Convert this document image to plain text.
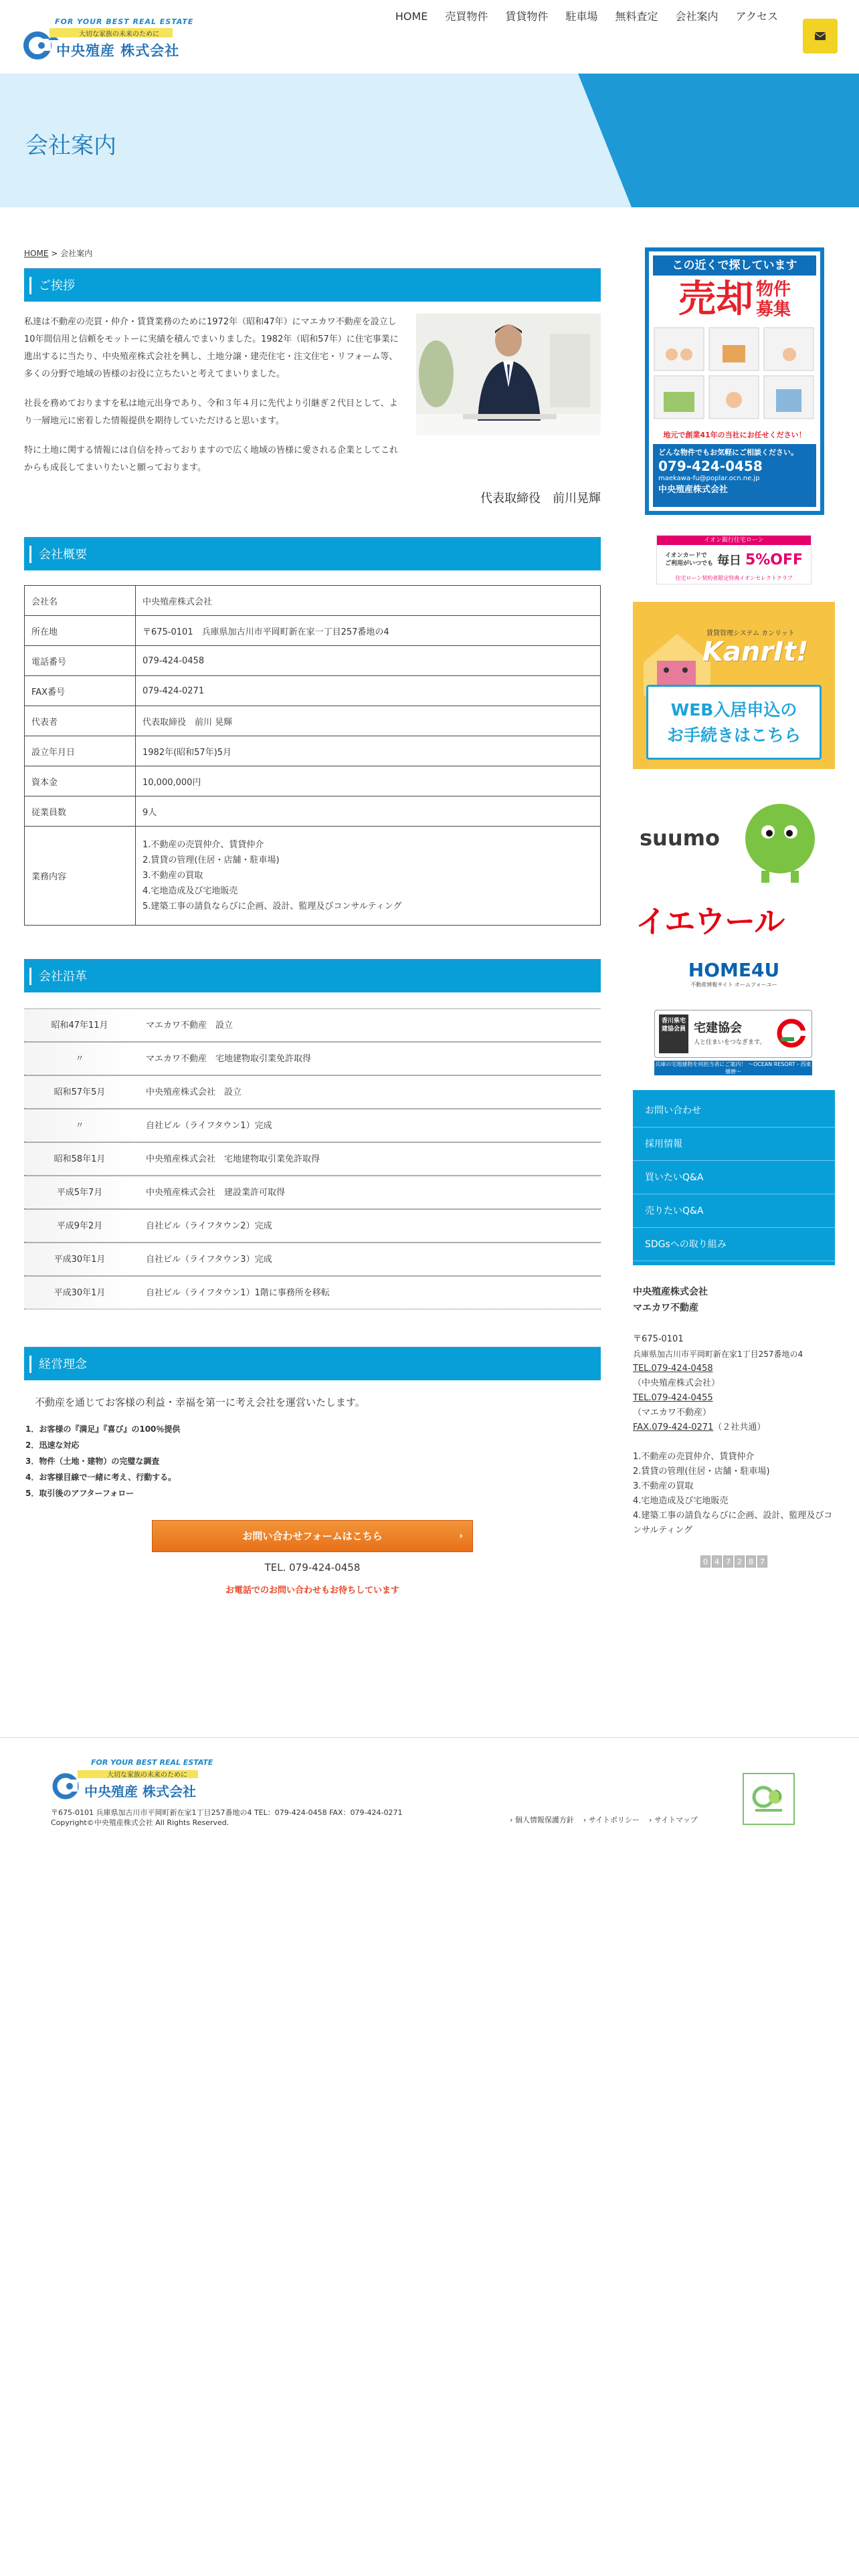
FOR YOUR BEST REAL ESTATE
大切な家族の未来のために
中央殖産 株式会社
HOME	売買物件	賃貸物件	駐車場	無料査定	会社案内	アクセス
会社案内
HOME > 会社案内
ご挨拶

私達は不動産の売買・仲介・賃貸業務のために1972年（昭和47年）にマエカワ不動産を設立し10年間信用と信頼をモットーに実績を積んでまいりました。1982年（昭和57年）に住宅事業に進出するに当たり、中央殖産株式会社を興し、土地分譲・建売住宅・注文住宅・リフォーム等、多くの分野で地域の皆様のお役に立ちたいと考えてまいりました。

社長を務めておりますを私は地元出身であり、令和３年４月に先代より引継ぎ２代目として、より一層地元に密着した情報提供を期待していただけると思います。

特に土地に関する情報には自信を持っておりますので広く地域の皆様に愛される企業としてこれからも成長してまいりたいと願っております。

代表取締役　前川晃輝
会社概要
会社名	中央殖産株式会社
所在地	〒675-0101　兵庫県加古川市平岡町新在家一丁目257番地の4
電話番号	079-424-0458
FAX番号	079-424-0271
代表者	代表取締役　前川 晃輝
設立年月日	1982年(昭和57年)5月
資本金	10,000,000円
従業員数	9人
業務内容	1.不動産の売買仲介、賃貸仲介
2.賃貸の管理(住居・店舗・駐車場)
3.不動産の買取
4.宅地造成及び宅地販売
5.建築工事の請負ならびに企画、設計、監理及びコンサルティング
会社沿革
昭和47年11月	マエカワ不動産　設立
〃	マエカワ不動産　宅地建物取引業免許取得
昭和57年5月	中央殖産株式会社　設立
〃	自社ビル（ライフタウン1）完成
昭和58年1月	中央殖産株式会社　宅地建物取引業免許取得
平成5年7月	中央殖産株式会社　建設業許可取得
平成9年2月	自社ビル（ライフタウン2）完成
平成30年1月	自社ビル（ライフタウン3）完成
平成30年1月	自社ビル（ライフタウン1）1階に事務所を移転
経営理念
不動産を通じてお客様の利益・幸福を第一に考え会社を運営いたします。
1．お客様の『満足』『喜び』の100％提供
2．迅速な対応
3．物件（土地・建物）の完璧な調査
4．お客様目線で一緒に考え、行動する。
5．取引後のアフターフォロー
お問い合わせフォームはこちら	›
TEL. 079-424-0458
お電話でのお問い合わせもお待ちしています
この近くで探しています
売却 物件
募集
地元で創業41年の当社にお任せください！
どんな物件でもお気軽にご相談ください。
079-424-0458
maekawa-fu@poplar.ocn.ne.jp
中央殖産株式会社
イオン銀行住宅ローン
イオンカードで
ご利用がいつでも 毎日 5%OFF
住宅ローン契約者限定特典イオンセレクトクラブ
賃貸管理システム カンリット
KanrIt!
WEB入居申込の
お手続きはこちら
suumo
イエウール
HOME4U
不動産情報サイト ホームフォーユー
香川県宅建協会員 宅建協会
人と住まいをつなぎます。
兵庫の宅地建物を何担当者にご案内！ ～OCEAN RESORT・西東播磨～
お問い合わせ
採用情報
買いたいQ&A
売りたいQ&A
SDGsへの取り組み
中央殖産株式会社
マエカワ不動産
〒675-0101
兵庫県加古川市平岡町新在家1丁目257番地の4
TEL.079-424-0458
（中央殖産株式会社）
TEL.079-424-0455
（マエカワ不動産）
FAX.079-424-0271（２社共通）
1.不動産の売買仲介、賃貸仲介
2.賃貸の管理(住居・店舗・駐車場)
3.不動産の買取
4.宅地造成及び宅地販売
4.建築工事の請負ならびに企画、設計、監理及びコンサルティング
0 4 7 2 8 7
FOR YOUR BEST REAL ESTATE
大切な家族の未来のために
中央殖産 株式会社
〒675-0101 兵庫県加古川市平岡町新在家1丁目257番地の4 TEL：079-424-0458 FAX：079-424-0271
Copyright©中央殖産株式会社 All Rights Reserved.	› 個人情報保護方針 › サイトポリシー › サイトマップ
